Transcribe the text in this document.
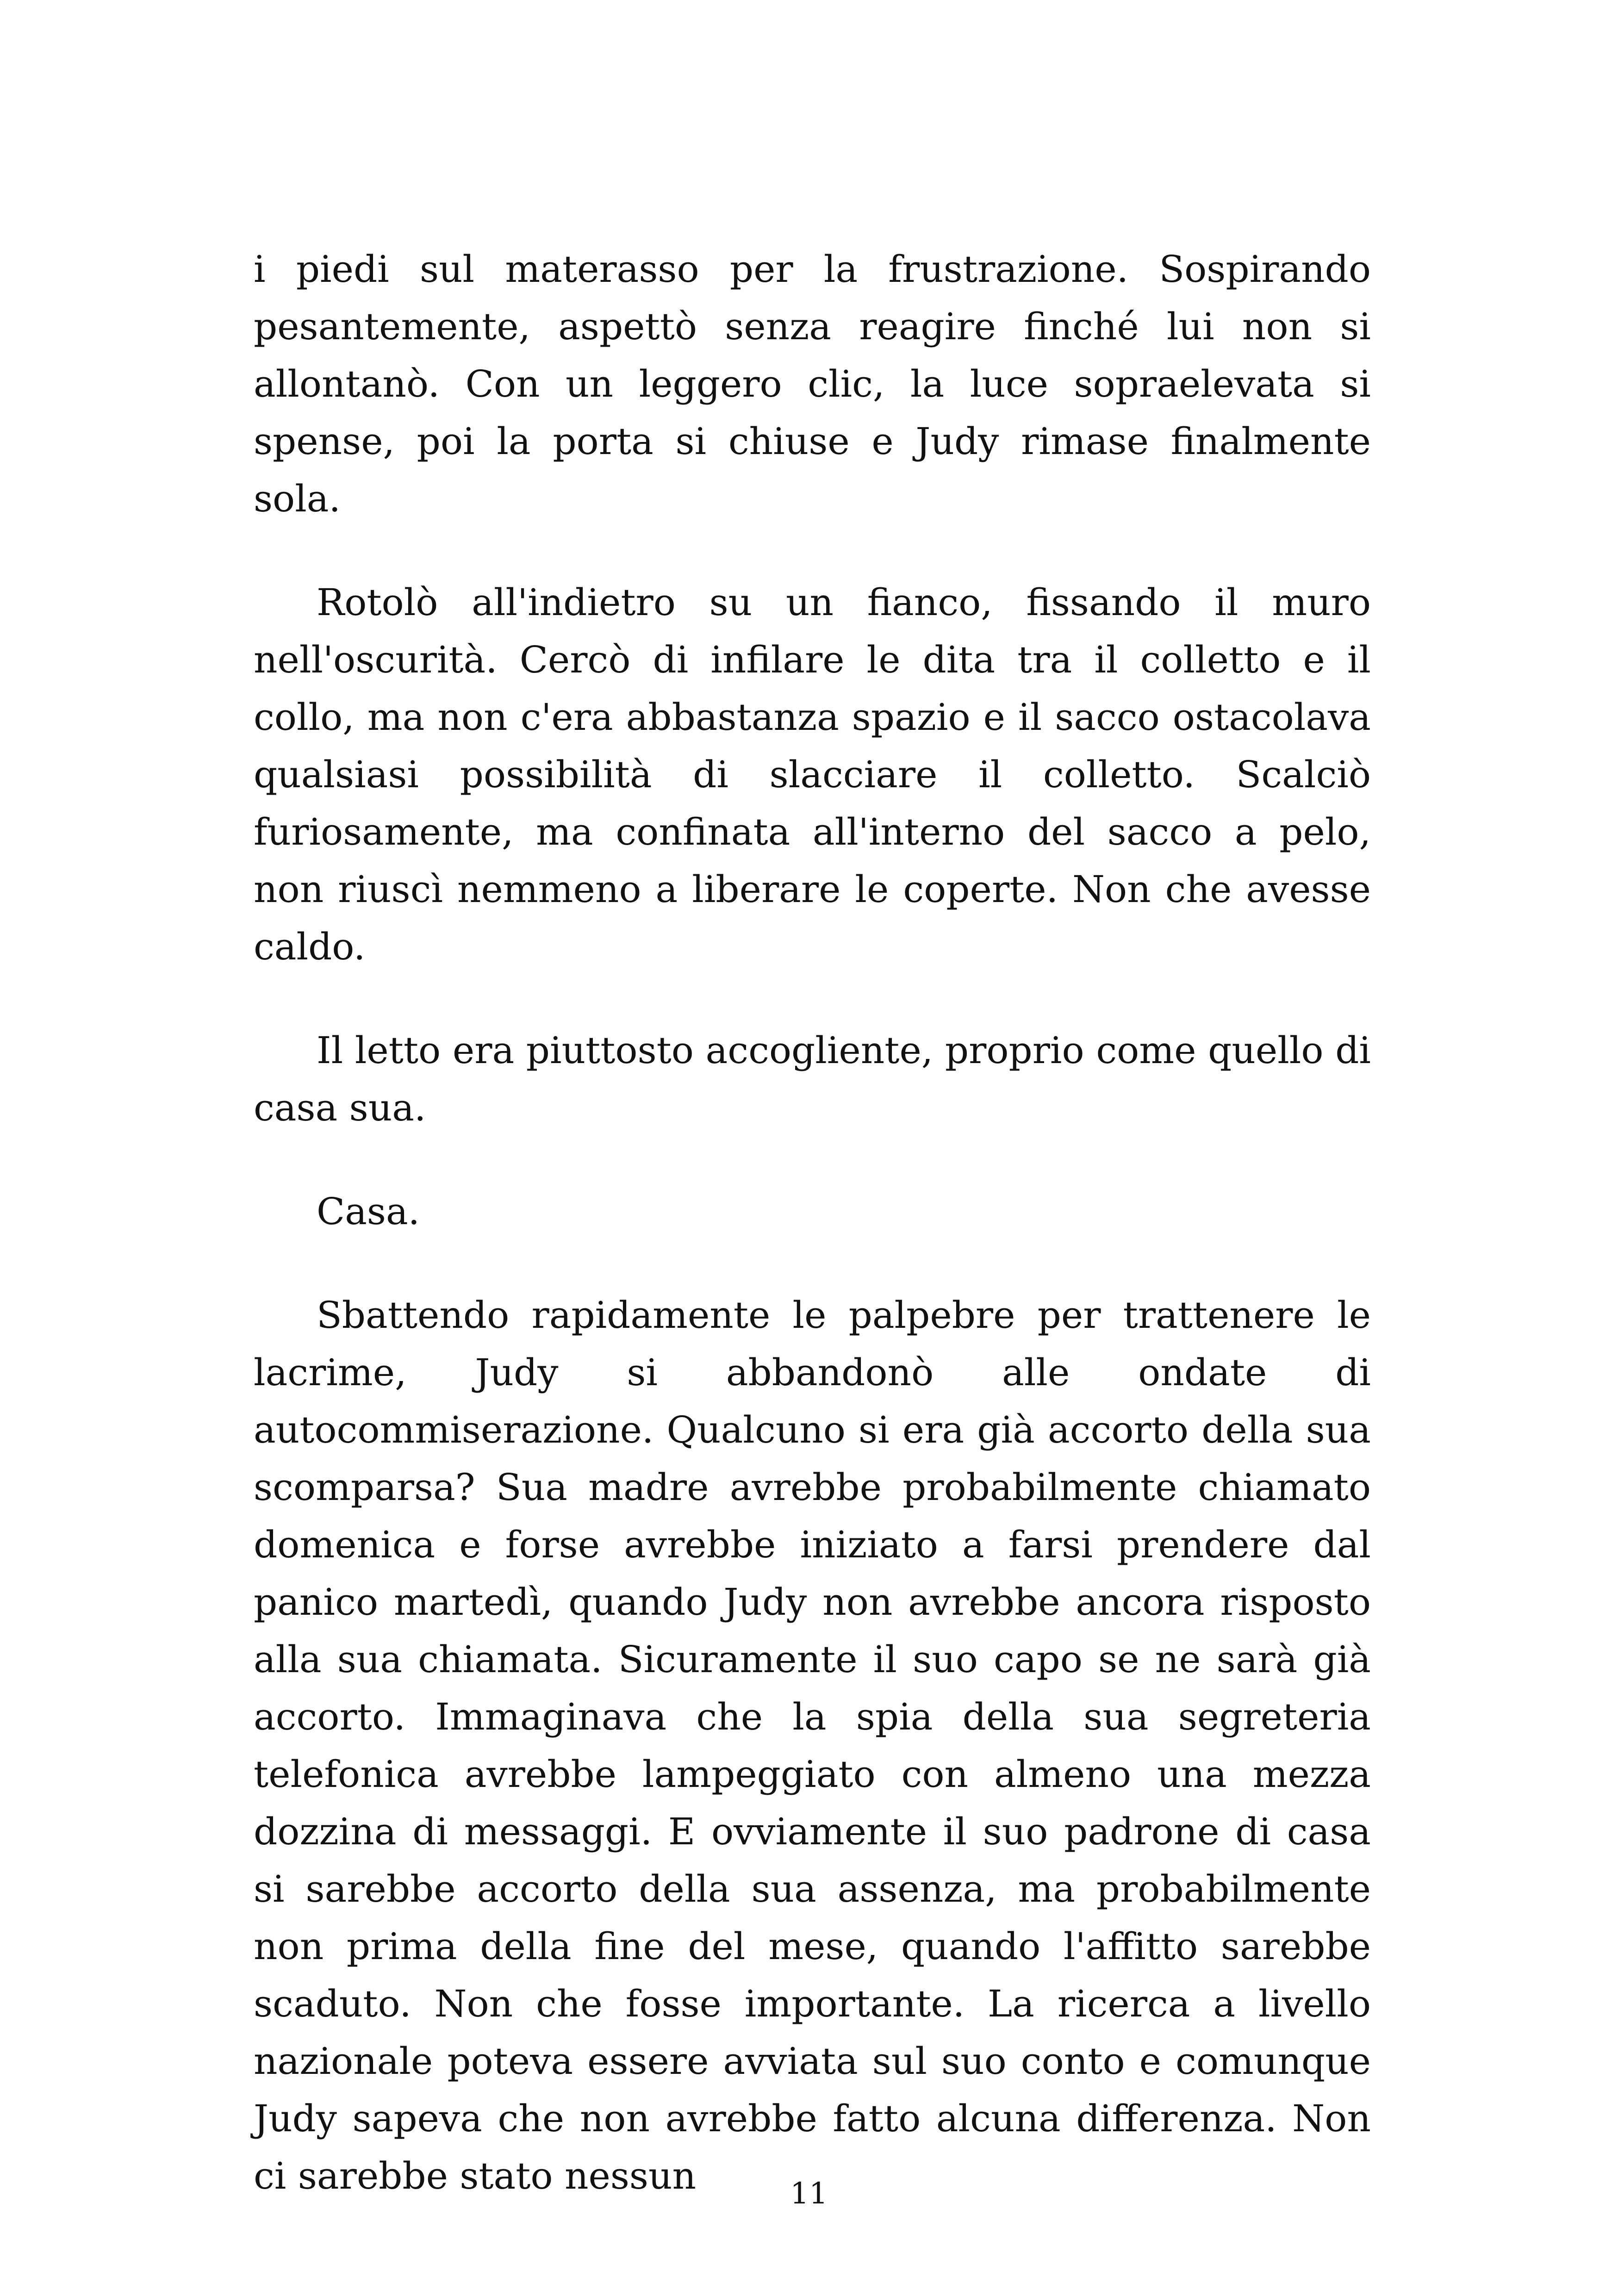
i piedi sul materasso per la frustrazione. Sospirando pesantemente, aspettò senza reagire finché lui non si allontanò. Con un leggero clic, la luce sopraelevata si spense, poi la porta si chiuse e Judy rimase finalmente sola.

Rotolò all'indietro su un fianco, fissando il muro nell'oscurità. Cercò di infilare le dita tra il colletto e il collo, ma non c'era abbastanza spazio e il sacco ostacolava qualsiasi possibilità di slacciare il colletto. Scalciò furiosamente, ma confinata all'interno del sacco a pelo, non riuscì nemmeno a liberare le coperte. Non che avesse caldo.

Il letto era piuttosto accogliente, proprio come quello di casa sua.

Casa.

Sbattendo rapidamente le palpebre per trattenere le lacrime, Judy si abbandonò alle ondate di autocommiserazione. Qualcuno si era già accorto della sua scomparsa? Sua madre avrebbe probabilmente chiamato domenica e forse avrebbe iniziato a farsi prendere dal panico martedì, quando Judy non avrebbe ancora risposto alla sua chiamata. Sicuramente il suo capo se ne sarà già accorto. Immaginava che la spia della sua segreteria telefonica avrebbe lampeggiato con almeno una mezza dozzina di messaggi. E ovviamente il suo padrone di casa si sarebbe accorto della sua assenza, ma probabilmente non prima della fine del mese, quando l'affitto sarebbe scaduto. Non che fosse importante. La ricerca a livello nazionale poteva essere avviata sul suo conto e comunque Judy sapeva che non avrebbe fatto alcuna differenza. Non ci sarebbe stato nessun	11
